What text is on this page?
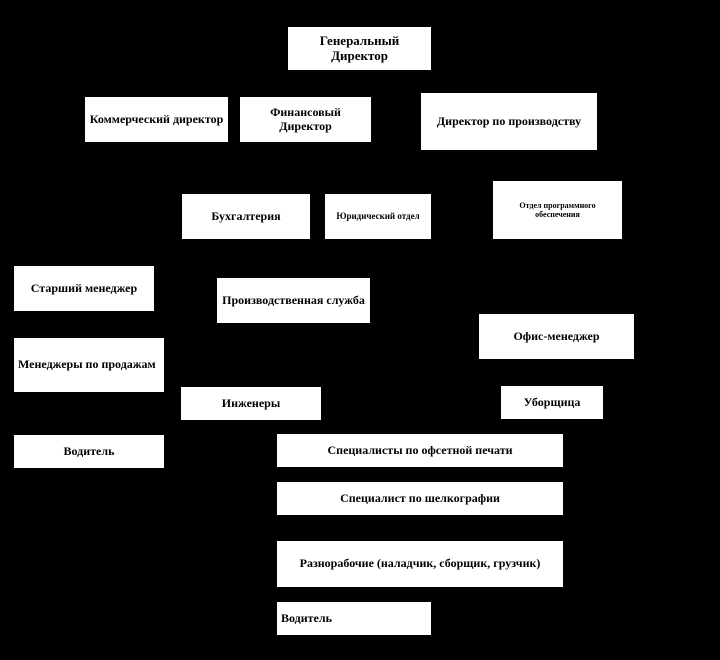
Генеральный Директор
Коммерческий директор	Финансовый Директор	Директор по производству
Бухгалтерия	Юридический отдел
Отдел программного обеспечения
Старший менеджер
Производственная служба
Офис-менеджер
Менеджеры по продажам
Инженеры	Уборщица
Водитель	Специалисты по офсетной печати
Специалист по шелкографии
Разнорабочие (наладчик, сборщик, грузчик)
Водитель
